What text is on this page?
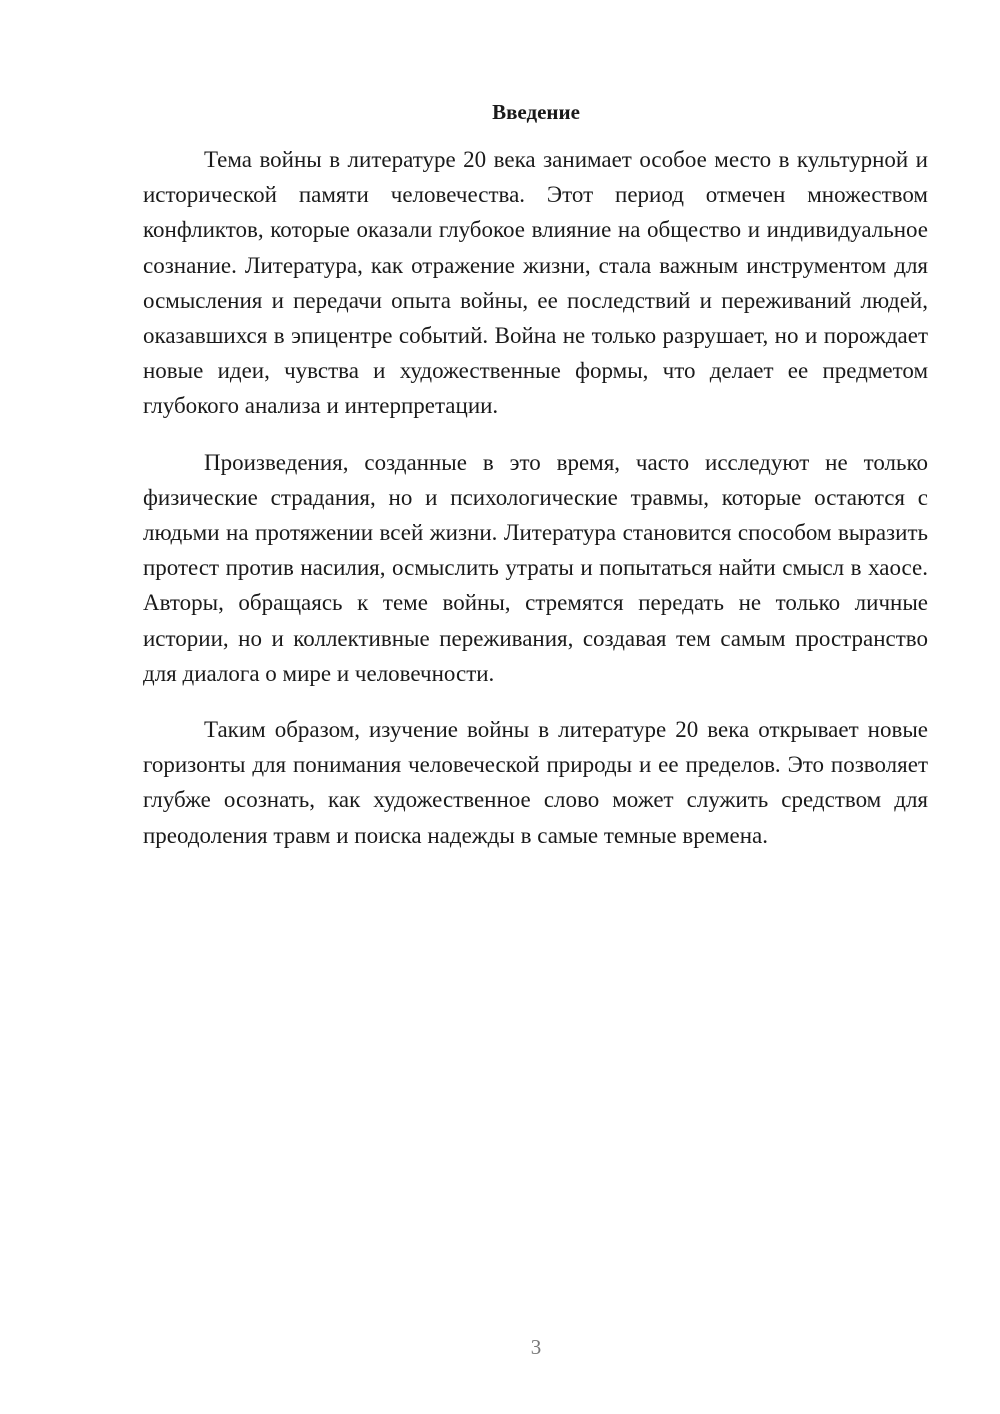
Введение

Тема войны в литературе 20 века занимает особое место в культурной и исторической памяти человечества. Этот период отмечен множеством конфликтов, которые оказали глубокое влияние на общество и индивидуальное сознание. Литература, как отражение жизни, стала важным инструментом для осмысления и передачи опыта войны, ее последствий и переживаний людей, оказавшихся в эпицентре событий. Война не только разрушает, но и порождает новые идеи, чувства и художественные формы, что делает ее предметом глубокого анализа и интерпретации.

Произведения, созданные в это время, часто исследуют не только физические страдания, но и психологические травмы, которые остаются с людьми на протяжении всей жизни. Литература становится способом выразить протест против насилия, осмыслить утраты и попытаться найти смысл в хаосе. Авторы, обращаясь к теме войны, стремятся передать не только личные истории, но и коллективные переживания, создавая тем самым пространство для диалога о мире и человечности.

Таким образом, изучение войны в литературе 20 века открывает новые горизонты для понимания человеческой природы и ее пределов. Это позволяет глубже осознать, как художественное слово может служить средством для преодоления травм и поиска надежды в самые темные времена.

3
